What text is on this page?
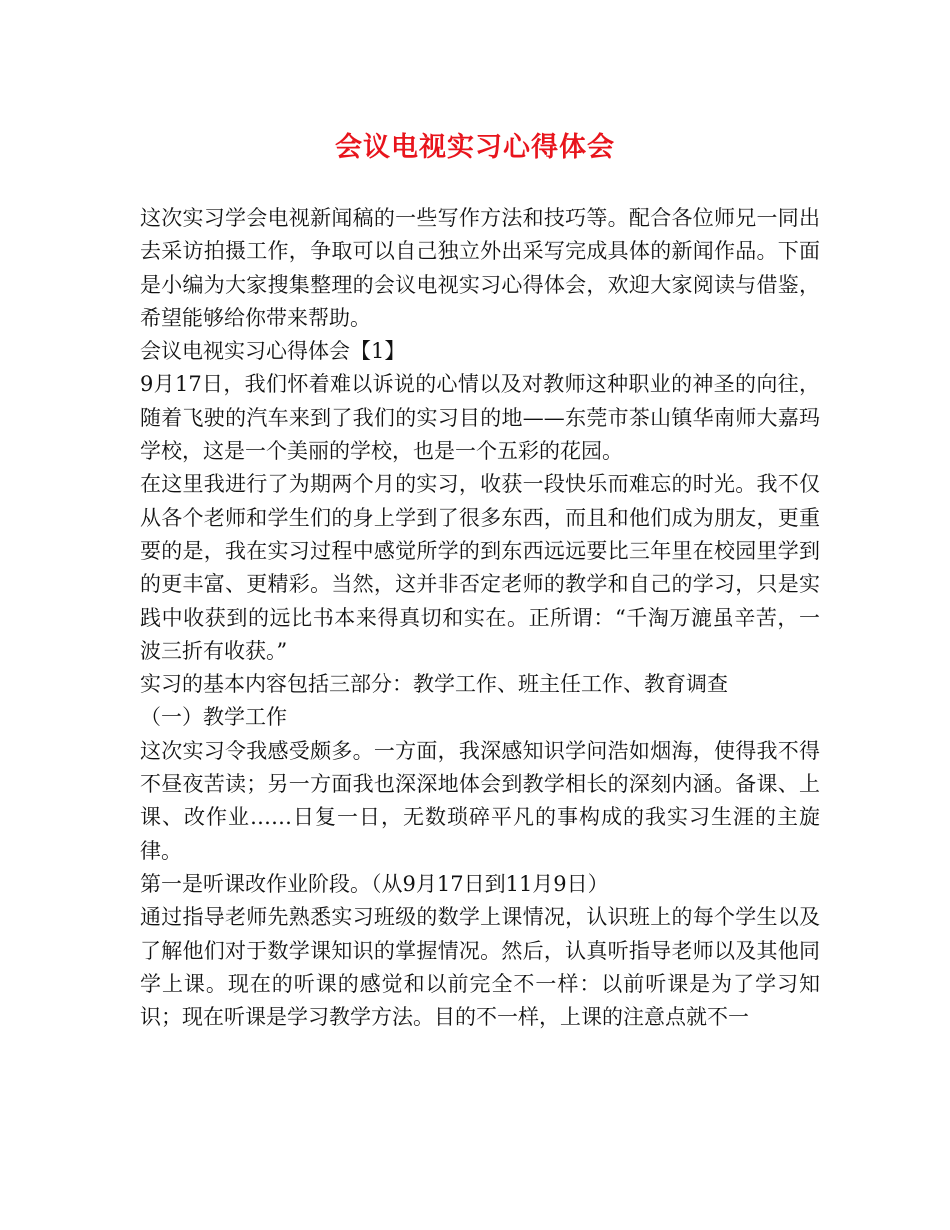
会议电视实习心得体会

这次实习学会电视新闻稿的一些写作方法和技巧等。配合各位师兄一同出去采访拍摄工作，争取可以自己独立外出采写完成具体的新闻作品。下面是小编为大家搜集整理的会议电视实习心得体会，欢迎大家阅读与借鉴，希望能够给你带来帮助。

会议电视实习心得体会【1】

9月17日，我们怀着难以诉说的心情以及对教师这种职业的神圣的向往，随着飞驶的汽车来到了我们的实习目的地——东莞市茶山镇华南师大嘉玛学校，这是一个美丽的学校，也是一个五彩的花园。

在这里我进行了为期两个月的实习，收获一段快乐而难忘的时光。我不仅从各个老师和学生们的身上学到了很多东西，而且和他们成为朋友，更重要的是，我在实习过程中感觉所学的到东西远远要比三年里在校园里学到的更丰富、更精彩。当然，这并非否定老师的教学和自己的学习，只是实践中收获到的远比书本来得真切和实在。正所谓：“千淘万漉虽辛苦，一波三折有收获。”

实习的基本内容包括三部分：教学工作、班主任工作、教育调查

（一）教学工作

这次实习令我感受颇多。一方面，我深感知识学问浩如烟海，使得我不得不昼夜苦读；另一方面我也深深地体会到教学相长的深刻内涵。备课、上课、改作业……日复一日，无数琐碎平凡的事构成的我实习生涯的主旋律。

第一是听课改作业阶段。（从9月17日到11月9日）

通过指导老师先熟悉实习班级的数学上课情况，认识班上的每个学生以及了解他们对于数学课知识的掌握情况。然后，认真听指导老师以及其他同学上课。现在的听课的感觉和以前完全不一样：以前听课是为了学习知识；现在听课是学习教学方法。目的不一样，上课的注意点就不一
